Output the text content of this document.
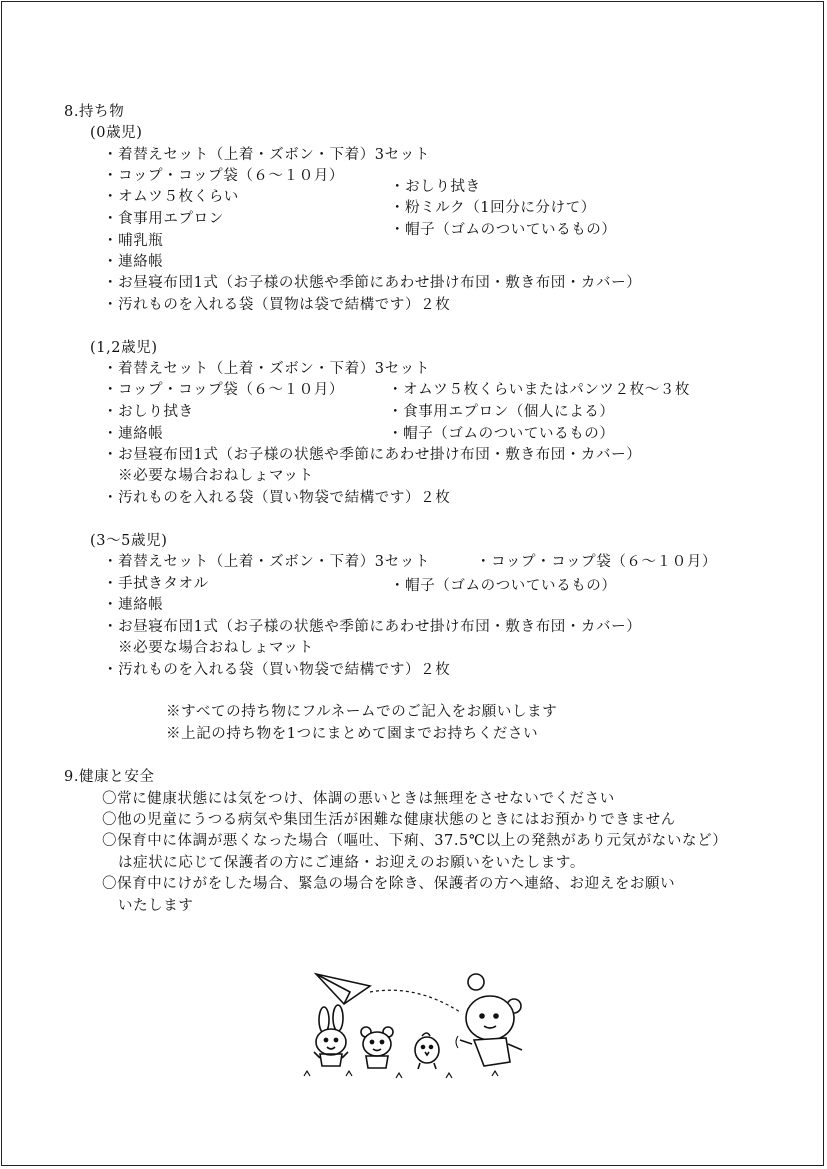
8.持ち物
(0歳児)
・着替えセット（上着・ズボン・下着）3セット
・コップ・コップ袋（６〜１０月）
・オムツ５枚くらい
・食事用エプロン
・哺乳瓶
・連絡帳
・お昼寝布団1式（お子様の状態や季節にあわせ掛け布団・敷き布団・カバー）
・汚れものを入れる袋（買物は袋で結構です）２枚
・おしり拭き
・粉ミルク（1回分に分けて）
・帽子（ゴムのついているもの）
(1,2歳児)
・着替えセット（上着・ズボン・下着）3セット
・コップ・コップ袋（６〜１０月）
・おしり拭き
・連絡帳
・お昼寝布団1式（お子様の状態や季節にあわせ掛け布団・敷き布団・カバー）
※必要な場合おねしょマット
・汚れものを入れる袋（買い物袋で結構です）２枚
・オムツ５枚くらいまたはパンツ２枚〜３枚
・食事用エプロン（個人による）
・帽子（ゴムのついているもの）
(3〜5歳児)
・着替えセット（上着・ズボン・下着）3セット
・手拭きタオル
・連絡帳
・お昼寝布団1式（お子様の状態や季節にあわせ掛け布団・敷き布団・カバー）
※必要な場合おねしょマット
・汚れものを入れる袋（買い物袋で結構です）２枚
・コップ・コップ袋（６〜１０月）
・帽子（ゴムのついているもの）
※すべての持ち物にフルネームでのご記入をお願いします
※上記の持ち物を1つにまとめて園までお持ちください
9.健康と安全
〇常に健康状態には気をつけ、体調の悪いときは無理をさせないでください
〇他の児童にうつる病気や集団生活が困難な健康状態のときにはお預かりできません
〇保育中に体調が悪くなった場合（嘔吐、下痢、37.5℃以上の発熱があり元気がないなど）
は症状に応じて保護者の方にご連絡・お迎えのお願いをいたします。
〇保育中にけがをした場合、緊急の場合を除き、保護者の方へ連絡、お迎えをお願い
いたします
